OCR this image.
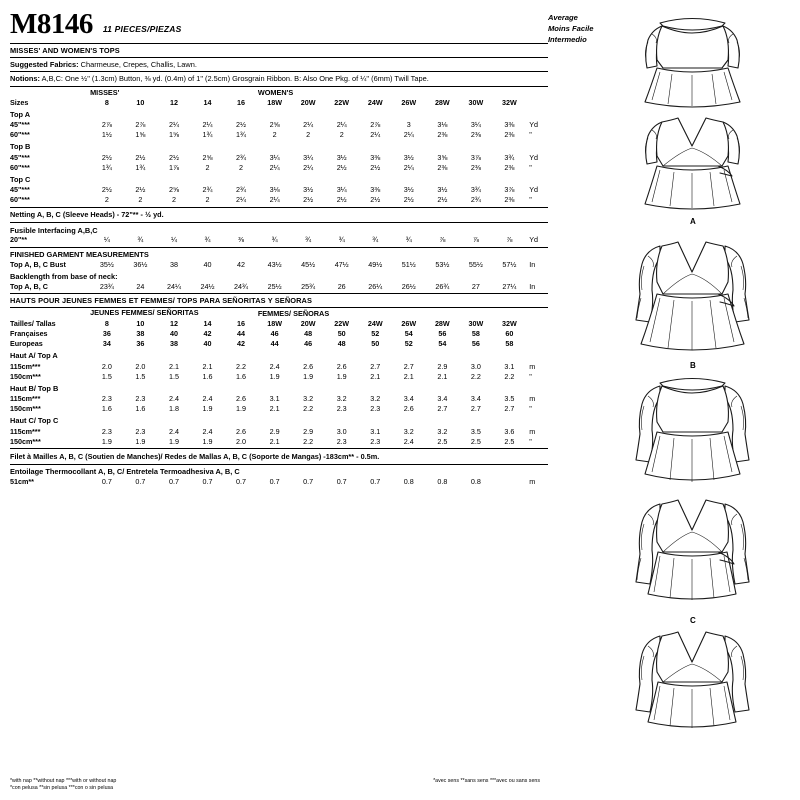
M8146 11 PIECES/PIEZAS
MISSES' AND WOMEN'S TOPS
Suggested Fabrics: Charmeuse, Crepes, Challis, Lawn.
Notions: A,B,C: One ½" (1.3cm) Button, ⅜ yd. (0.4m) of 1" (2.5cm) Grosgrain Ribbon. B: Also One Pkg. of ¼" (6mm) Twill Tape.
	MISSES'					WOMEN'S								
Sizes	8	10	12	14	16	18W	20W	22W	24W	26W	28W	30W	32W	
Top A														
45"***	2⅞	2⅞	2¼	2¼	2½	2⅝	2¼	2¼	2⅞	3	3⅛	3¼	3⅜	Yd
60"***	1½	1⅝	1⅝	1¾	1¾	2	2	2	2¼	2¼	2⅜	2⅜	2⅜	"
Top B														
45"***	2½	2½	2½	2⅝	2¾	3¼	3¼	3½	3⅜	3½	3⅝	3⅞	3¾	Yd
60"***	1¾	1¾	1⅞	2	2	2¼	2¼	2½	2½	2¼	2⅜	2⅜	2⅜	"
Top C														
45"***	2½	2½	2⅝	2¾	2¾	3⅛	3½	3¼	3⅜	3½	3½	3¾	3⅞	Yd
60"***	2	2	2	2	2¼	2¼	2½	2½	2½	2½	2½	2¾	2⅜	"
Netting A, B, C (Sleeve Heads) - 72"** - ½ yd.
Fusible Interfacing A,B,C
20"**	¼	¾	¼	¾	⅜	¾	¾	¾	¾	¾	⅞	⅞	⅞	Yd
FINISHED GARMENT MEASUREMENTS
Top A, B, C Bust	35½	36½	38	40	42	43½	45½	47½	49½	51½	53½	55½	57½	In
Backlength from base of neck:
Top A, B, C	23¾	24	24¼	24½	24¾	25½	25¾	26	26¼	26½	26¾	27	27¼	In
HAUTS POUR JEUNES FEMMES ET FEMMES/ TOPS PARA SEÑORITAS Y SEÑORAS
	JEUNES FEMMES/ SEÑORITAS					FEMMES/ SEÑORAS								
Tailles/ Tallas	8	10	12	14	16	18W	20W	22W	24W	26W	28W	30W	32W	
Françaises	36	38	40	42	44	46	48	50	52	54	56	58	60	
Europeas	34	36	38	40	42	44	46	48	50	52	54	56	58	
Haut A/ Top A														
115cm***	2.0	2.0	2.1	2.1	2.2	2.4	2.6	2.6	2.7	2.7	2.9	3.0	3.1	m
150cm***	1.5	1.5	1.5	1.6	1.6	1.9	1.9	1.9	2.1	2.1	2.1	2.2	2.2	"
Haut B/ Top B														
115cm***	2.3	2.3	2.4	2.4	2.6	3.1	3.2	3.2	3.2	3.4	3.4	3.4	3.5	m
150cm***	1.6	1.6	1.8	1.9	1.9	2.1	2.2	2.3	2.3	2.6	2.7	2.7	2.7	"
Haut C/ Top C														
115cm***	2.3	2.3	2.4	2.4	2.6	2.9	2.9	3.0	3.1	3.2	3.2	3.5	3.6	m
150cm***	1.9	1.9	1.9	1.9	2.0	2.1	2.2	2.3	2.3	2.4	2.5	2.5	2.5	"
Filet à Mailles A, B, C (Soutien de Manches)/ Redes de Mallas A, B, C (Soporte de Mangas) -183cm** - 0.5m.
Entoilage Thermocollant A, B, C/ Entretela Termoadhesiva A, B, C
51cm**	0.7	0.7	0.7	0.7	0.7	0.7	0.7	0.7	0.7	0.8	0.8	0.8		m
*with nap **without nap ***with or without nap
*con pelusa **sin pelusa ***con o sin pelusa
*avec sens **sans sens ***avec ou sans sens
Average
Moins Facile
Intermedio
A
B
C
